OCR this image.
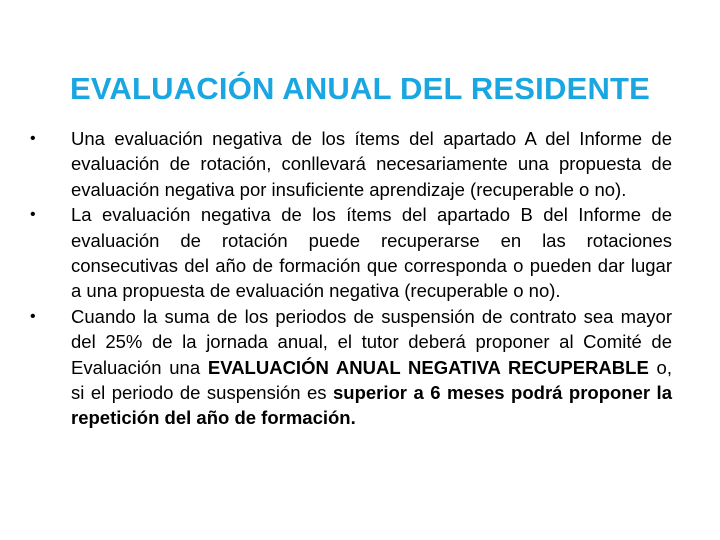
EVALUACIÓN ANUAL DEL RESIDENTE
•	Una evaluación negativa de los ítems del apartado A del Informe de evaluación de rotación, conllevará necesariamente una propuesta de evaluación negativa por insuficiente aprendizaje (recuperable o no).
•	La evaluación negativa de los ítems del apartado B del Informe de evaluación de rotación puede recuperarse en las rotaciones consecutivas del año de formación que corresponda o pueden dar lugar a una propuesta de evaluación negativa (recuperable o no).
•	Cuando la suma de los periodos de suspensión de contrato sea mayor del 25% de la jornada anual, el tutor deberá proponer al Comité de Evaluación una EVALUACIÓN ANUAL NEGATIVA RECUPERABLE o, si el periodo de suspensión es superior a 6 meses podrá proponer la repetición del año de formación.
